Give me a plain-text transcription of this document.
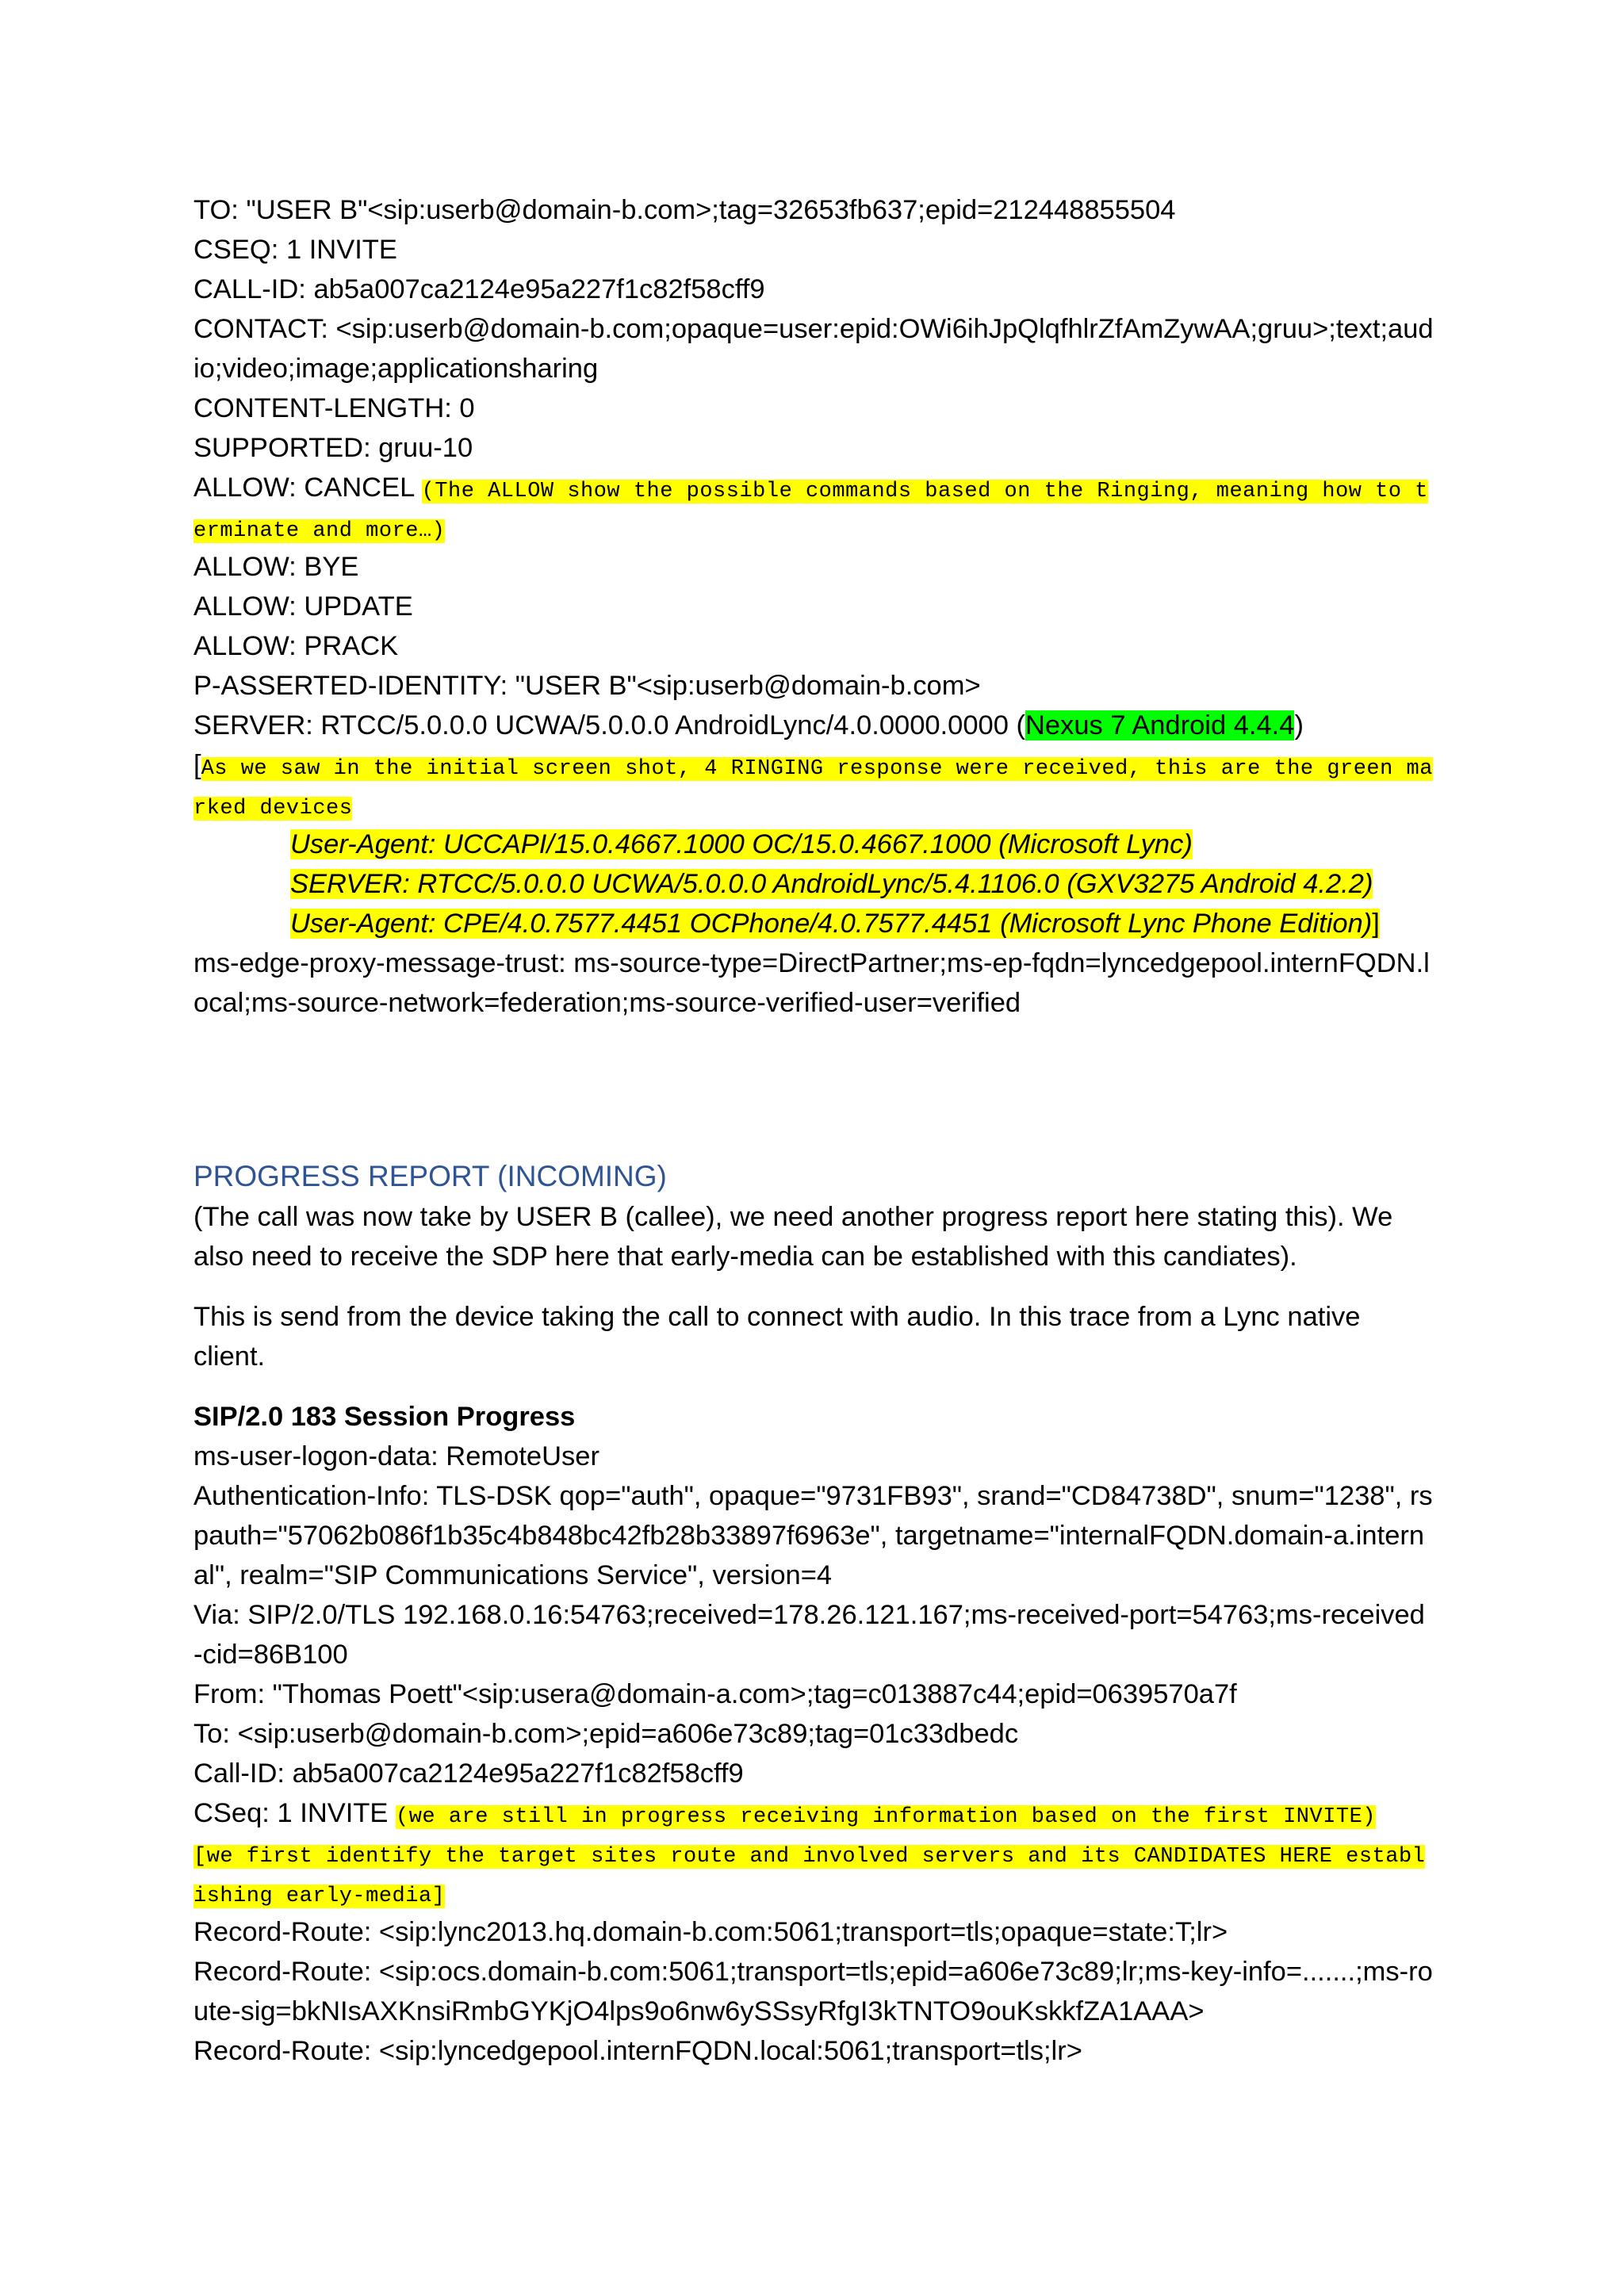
TO: "USER B"<sip:userb@domain-b.com>;tag=32653fb637;epid=212448855504
CSEQ: 1 INVITE
CALL-ID: ab5a007ca2124e95a227f1c82f58cff9
CONTACT: <sip:userb@domain-b.com;opaque=user:epid:OWi6ihJpQlqfhlrZfAmZywAA;gruu>;text;audio;video;image;applicationsharing
CONTENT-LENGTH: 0
SUPPORTED: gruu-10
ALLOW: CANCEL (The ALLOW show the possible commands based on the Ringing, meaning how to terminate and more…)
ALLOW: BYE
ALLOW: UPDATE
ALLOW: PRACK
P-ASSERTED-IDENTITY: "USER B"<sip:userb@domain-b.com>
SERVER: RTCC/5.0.0.0 UCWA/5.0.0.0 AndroidLync/4.0.0000.0000 (Nexus 7 Android 4.4.4)
[As we saw in the initial screen shot, 4 RINGING response were received, this are the green marked devices
User-Agent: UCCAPI/15.0.4667.1000 OC/15.0.4667.1000 (Microsoft Lync)
SERVER: RTCC/5.0.0.0 UCWA/5.0.0.0 AndroidLync/5.4.1106.0 (GXV3275 Android 4.2.2)
User-Agent: CPE/4.0.7577.4451 OCPhone/4.0.7577.4451 (Microsoft Lync Phone Edition)]
ms-edge-proxy-message-trust: ms-source-type=DirectPartner;ms-ep-fqdn=lyncedgepool.internFQDN.local;ms-source-network=federation;ms-source-verified-user=verified
PROGRESS REPORT (INCOMING)
(The call was now take by USER B (callee), we need another progress report here stating this). We also need to receive the SDP here that early-media can be established with this candiates).
This is send from the device taking the call to connect with audio. In this trace from a Lync native client.
SIP/2.0 183 Session Progress
ms-user-logon-data: RemoteUser
Authentication-Info: TLS-DSK qop="auth", opaque="9731FB93", srand="CD84738D", snum="1238", rspauth="57062b086f1b35c4b848bc42fb28b33897f6963e", targetname="internalFQDN.domain-a.internal", realm="SIP Communications Service", version=4
Via: SIP/2.0/TLS 192.168.0.16:54763;received=178.26.121.167;ms-received-port=54763;ms-received-cid=86B100
From: "Thomas Poett"<sip:usera@domain-a.com>;tag=c013887c44;epid=0639570a7f
To: <sip:userb@domain-b.com>;epid=a606e73c89;tag=01c33dbedc
Call-ID: ab5a007ca2124e95a227f1c82f58cff9
CSeq: 1 INVITE (we are still in progress receiving information based on the first INVITE)
[we first identify the target sites route and involved servers and its CANDIDATES HERE establishing early-media]
Record-Route: <sip:lync2013.hq.domain-b.com:5061;transport=tls;opaque=state:T;lr>
Record-Route: <sip:ocs.domain-b.com:5061;transport=tls;epid=a606e73c89;lr;ms-key-info=.......;ms-route-sig=bkNIsAXKnsiRmbGYKjO4lps9o6nw6ySSsyRfgI3kTNTO9ouKskkfZA1AAA>
Record-Route: <sip:lyncedgepool.internFQDN.local:5061;transport=tls;lr>
